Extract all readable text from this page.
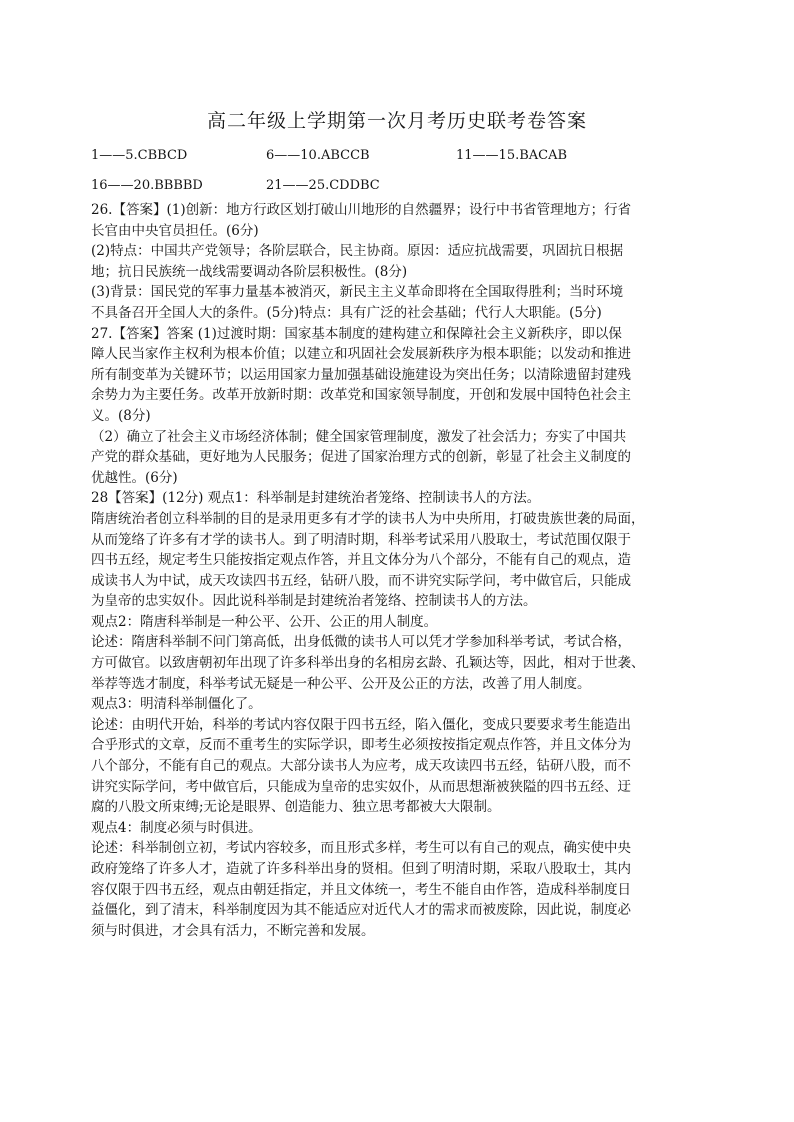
高二年级上学期第一次月考历史联考卷答案
1——5.CBBCD	6——10.ABCCB	11——15.BACAB
16——20.BBBBD	21——25.CDDBC
26.【答案】(1)创新：地方行政区划打破山川地形的自然疆界；设行中书省管理地方；行省
长官由中央官员担任。(6分)
(2)特点：中国共产党领导；各阶层联合，民主协商。原因：适应抗战需要，巩固抗日根据
地；抗日民族统一战线需要调动各阶层积极性。(8分)
(3)背景：国民党的军事力量基本被消灭，新民主主义革命即将在全国取得胜利；当时环境
不具备召开全国人大的条件。(5分)特点：具有广泛的社会基础；代行人大职能。(5分)
27.【答案】答案 (1)过渡时期：国家基本制度的建构建立和保障社会主义新秩序，即以保
障人民当家作主权利为根本价值；以建立和巩固社会发展新秩序为根本职能；以发动和推进
所有制变革为关键环节；以运用国家力量加强基础设施建设为突出任务；以清除遗留封建残
余势力为主要任务。改革开放新时期：改革党和国家领导制度，开创和发展中国特色社会主
义。(8分)
（2）确立了社会主义市场经济体制；健全国家管理制度，激发了社会活力；夯实了中国共
产党的群众基础，更好地为人民服务；促进了国家治理方式的创新，彰显了社会主义制度的
优越性。(6分)
28【答案】(12分) 观点1：科举制是封建统治者笼络、控制读书人的方法。
隋唐统治者创立科举制的目的是录用更多有才学的读书人为中央所用，打破贵族世袭的局面，
从而笼络了许多有才学的读书人。到了明清时期，科举考试采用八股取士，考试范围仅限于
四书五经，规定考生只能按指定观点作答，并且文体分为八个部分，不能有自己的观点，造
成读书人为中试，成天攻读四书五经，钻研八股，而不讲究实际学问，考中做官后，只能成
为皇帝的忠实奴仆。因此说科举制是封建统治者笼络、控制读书人的方法。
观点2：隋唐科举制是一种公平、公开、公正的用人制度。
论述：隋唐科举制不问门第高低，出身低微的读书人可以凭才学参加科举考试，考试合格，
方可做官。以致唐朝初年出现了许多科举出身的名相房玄龄、孔颖达等，因此，相对于世袭、
举荐等选才制度，科举考试无疑是一种公平、公开及公正的方法，改善了用人制度。
观点3：明清科举制僵化了。
论述：由明代开始，科举的考试内容仅限于四书五经，陷入僵化，变成只要要求考生能造出
合乎形式的文章，反而不重考生的实际学识，即考生必须按按指定观点作答，并且文体分为
八个部分，不能有自己的观点。大部分读书人为应考，成天攻读四书五经，钻研八股，而不
讲究实际学问，考中做官后，只能成为皇帝的忠实奴仆，从而思想渐被狭隘的四书五经、迂
腐的八股文所束缚;无论是眼界、创造能力、独立思考都被大大限制。
观点4：制度必须与时俱进。
论述：科举制创立初，考试内容较多，而且形式多样，考生可以有自己的观点，确实使中央
政府笼络了许多人才，造就了许多科举出身的贤相。但到了明清时期，采取八股取士，其内
容仅限于四书五经，观点由朝廷指定，并且文体统一，考生不能自由作答，造成科举制度日
益僵化，到了清末，科举制度因为其不能适应对近代人才的需求而被废除，因此说，制度必
须与时俱进，才会具有活力，不断完善和发展。
